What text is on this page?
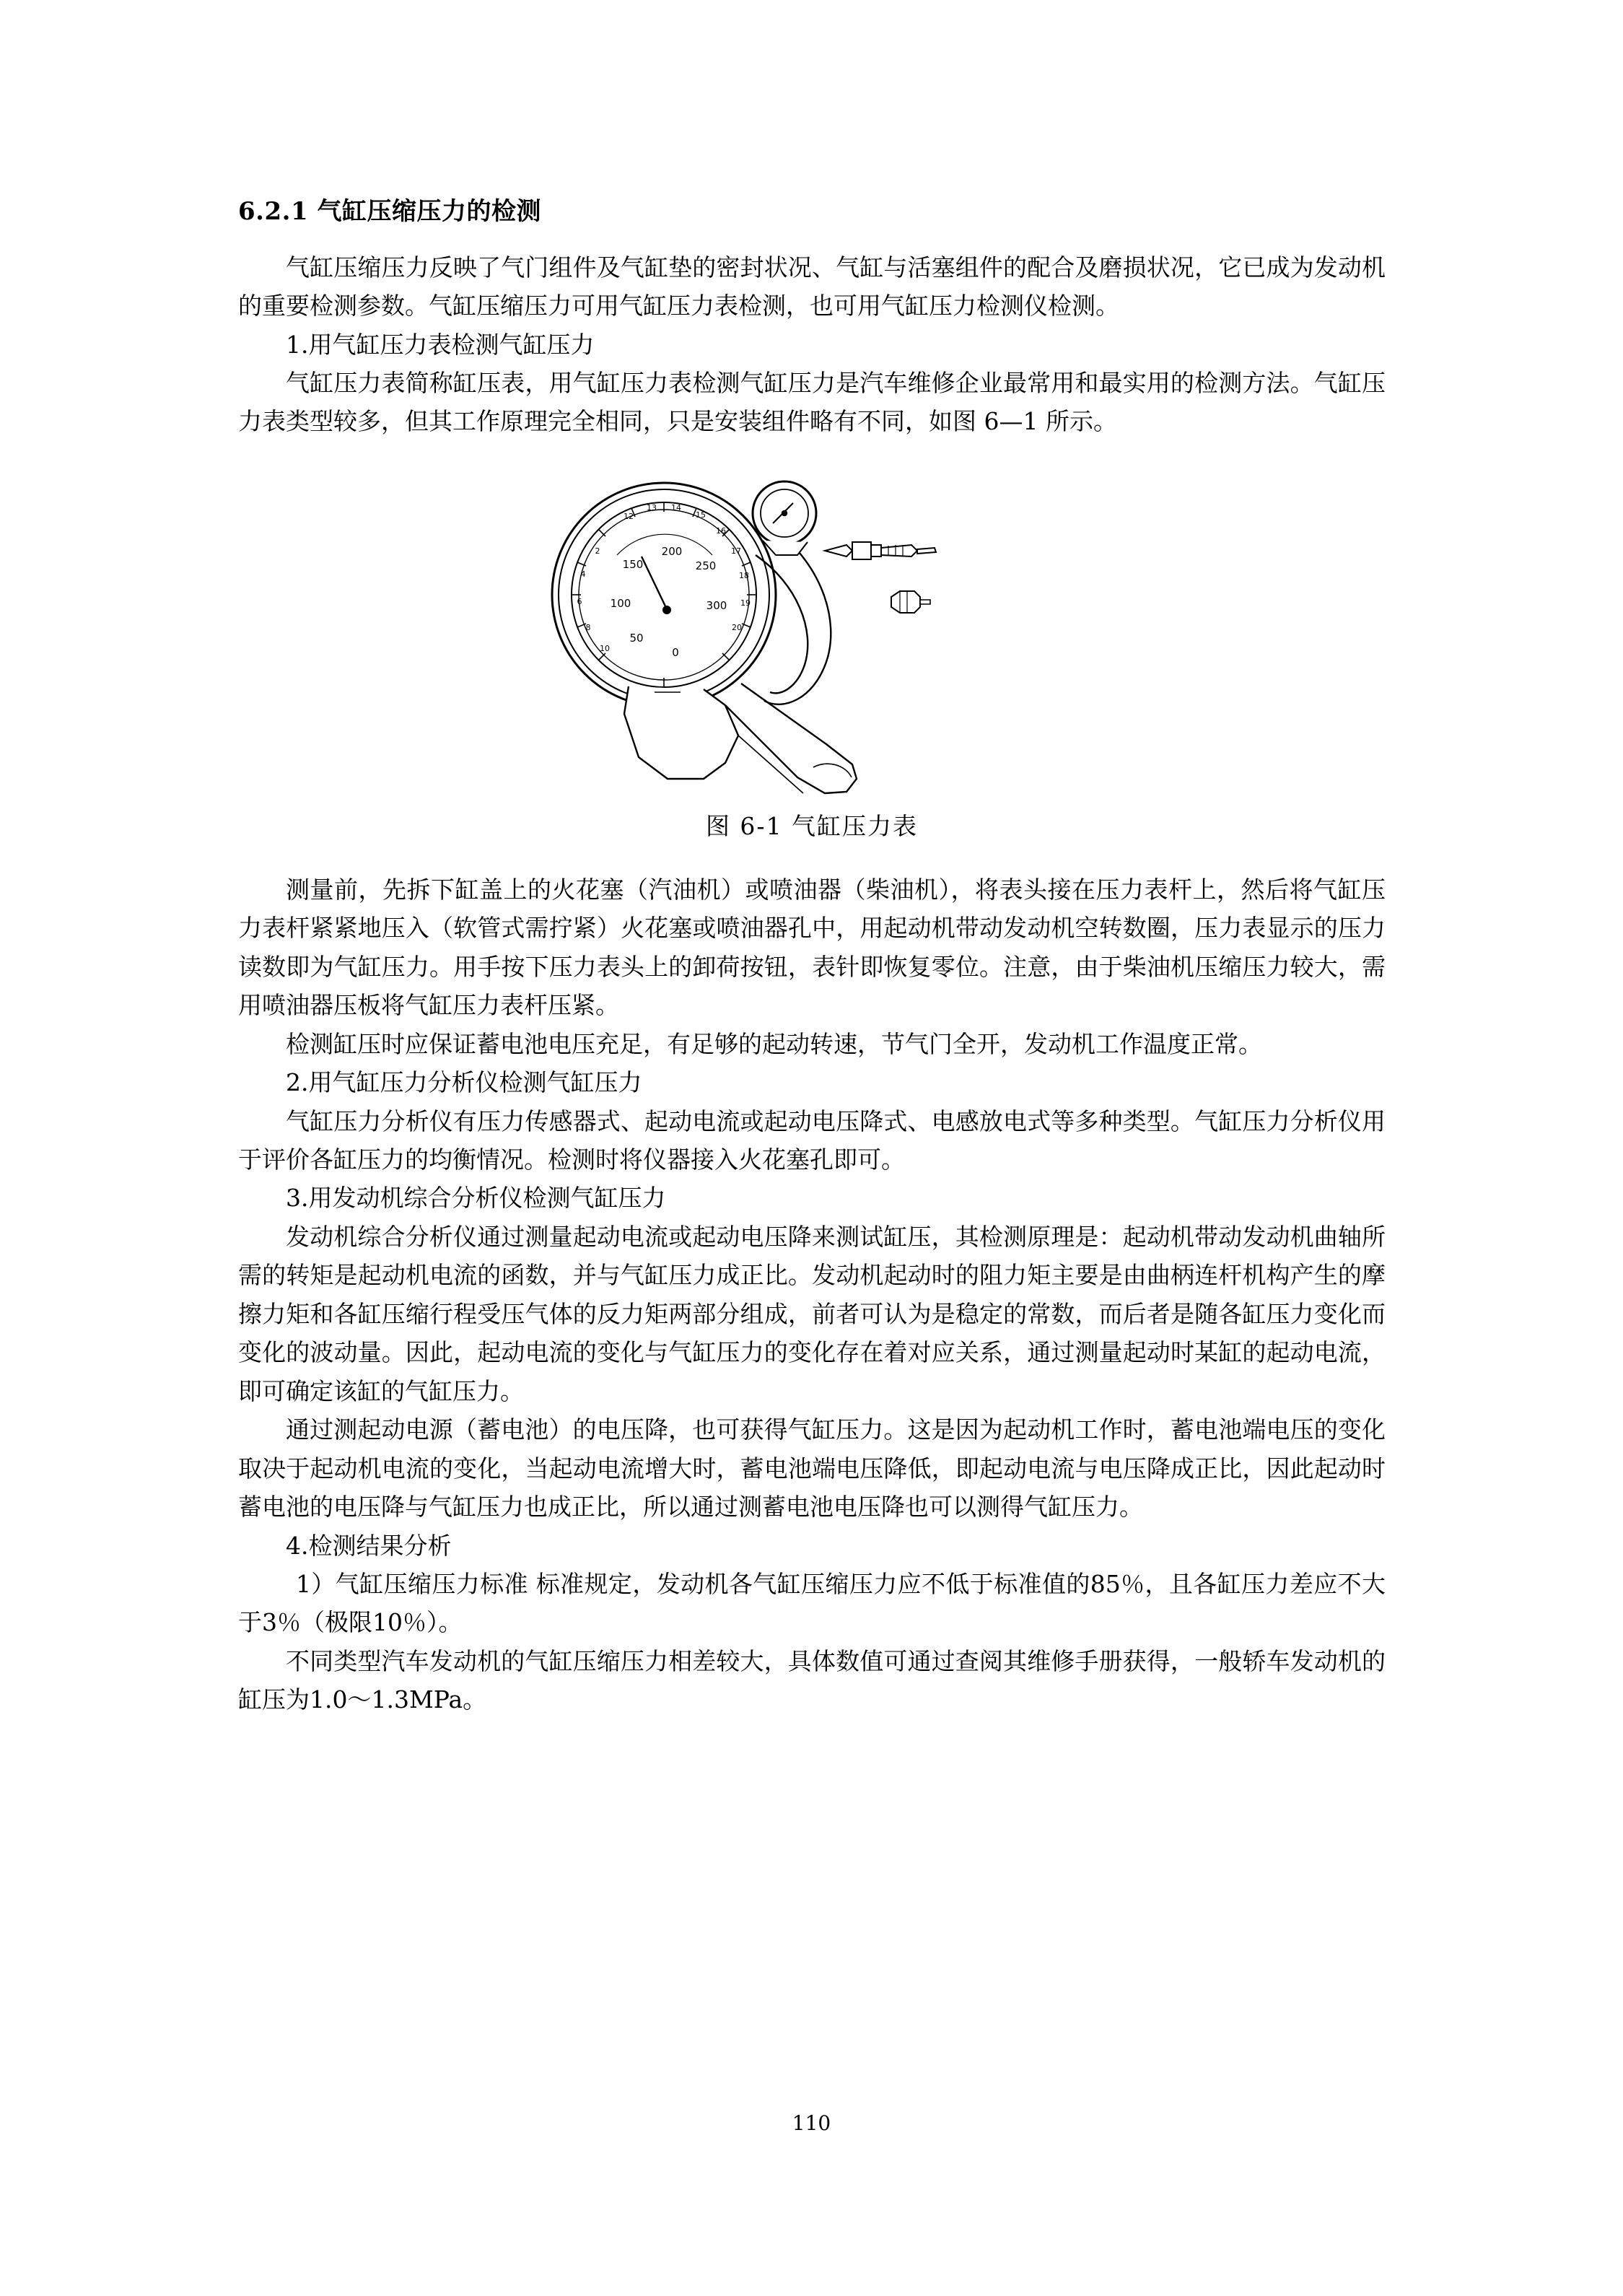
6.2.1 气缸压缩压力的检测

气缸压缩压力反映了气门组件及气缸垫的密封状况、气缸与活塞组件的配合及磨损状况，它已成为发动机的重要检测参数。气缸压缩压力可用气缸压力表检测，也可用气缸压力检测仪检测。

1.用气缸压力表检测气缸压力

气缸压力表简称缸压表，用气缸压力表检测气缸压力是汽车维修企业最常用和最实用的检测方法。气缸压力表类型较多，但其工作原理完全相同，只是安装组件略有不同，如图 6—1 所示。

2
4
6
8
10
12
13 14
15
16
17
18
19
20
200
150
100
50
0
250
300
图 6-1 气缸压力表

测量前，先拆下缸盖上的火花塞（汽油机）或喷油器（柴油机），将表头接在压力表杆上，然后将气缸压力表杆紧紧地压入（软管式需拧紧）火花塞或喷油器孔中，用起动机带动发动机空转数圈，压力表显示的压力读数即为气缸压力。用手按下压力表头上的卸荷按钮，表针即恢复零位。注意，由于柴油机压缩压力较大，需用喷油器压板将气缸压力表杆压紧。

检测缸压时应保证蓄电池电压充足，有足够的起动转速，节气门全开，发动机工作温度正常。

2.用气缸压力分析仪检测气缸压力

气缸压力分析仪有压力传感器式、起动电流或起动电压降式、电感放电式等多种类型。气缸压力分析仪用于评价各缸压力的均衡情况。检测时将仪器接入火花塞孔即可。

3.用发动机综合分析仪检测气缸压力

发动机综合分析仪通过测量起动电流或起动电压降来测试缸压，其检测原理是：起动机带动发动机曲轴所需的转矩是起动机电流的函数，并与气缸压力成正比。发动机起动时的阻力矩主要是由曲柄连杆机构产生的摩擦力矩和各缸压缩行程受压气体的反力矩两部分组成，前者可认为是稳定的常数，而后者是随各缸压力变化而变化的波动量。因此，起动电流的变化与气缸压力的变化存在着对应关系，通过测量起动时某缸的起动电流，即可确定该缸的气缸压力。

通过测起动电源（蓄电池）的电压降，也可获得气缸压力。这是因为起动机工作时，蓄电池端电压的变化取决于起动机电流的变化，当起动电流增大时，蓄电池端电压降低，即起动电流与电压降成正比，因此起动时蓄电池的电压降与气缸压力也成正比，所以通过测蓄电池电压降也可以测得气缸压力。

4.检测结果分析

1）气缸压缩压力标准 标准规定，发动机各气缸压缩压力应不低于标准值的85％，且各缸压力差应不大于3％（极限10％）。

不同类型汽车发动机的气缸压缩压力相差较大，具体数值可通过查阅其维修手册获得，一般轿车发动机的缸压为1.0～1.3MPa。

110
